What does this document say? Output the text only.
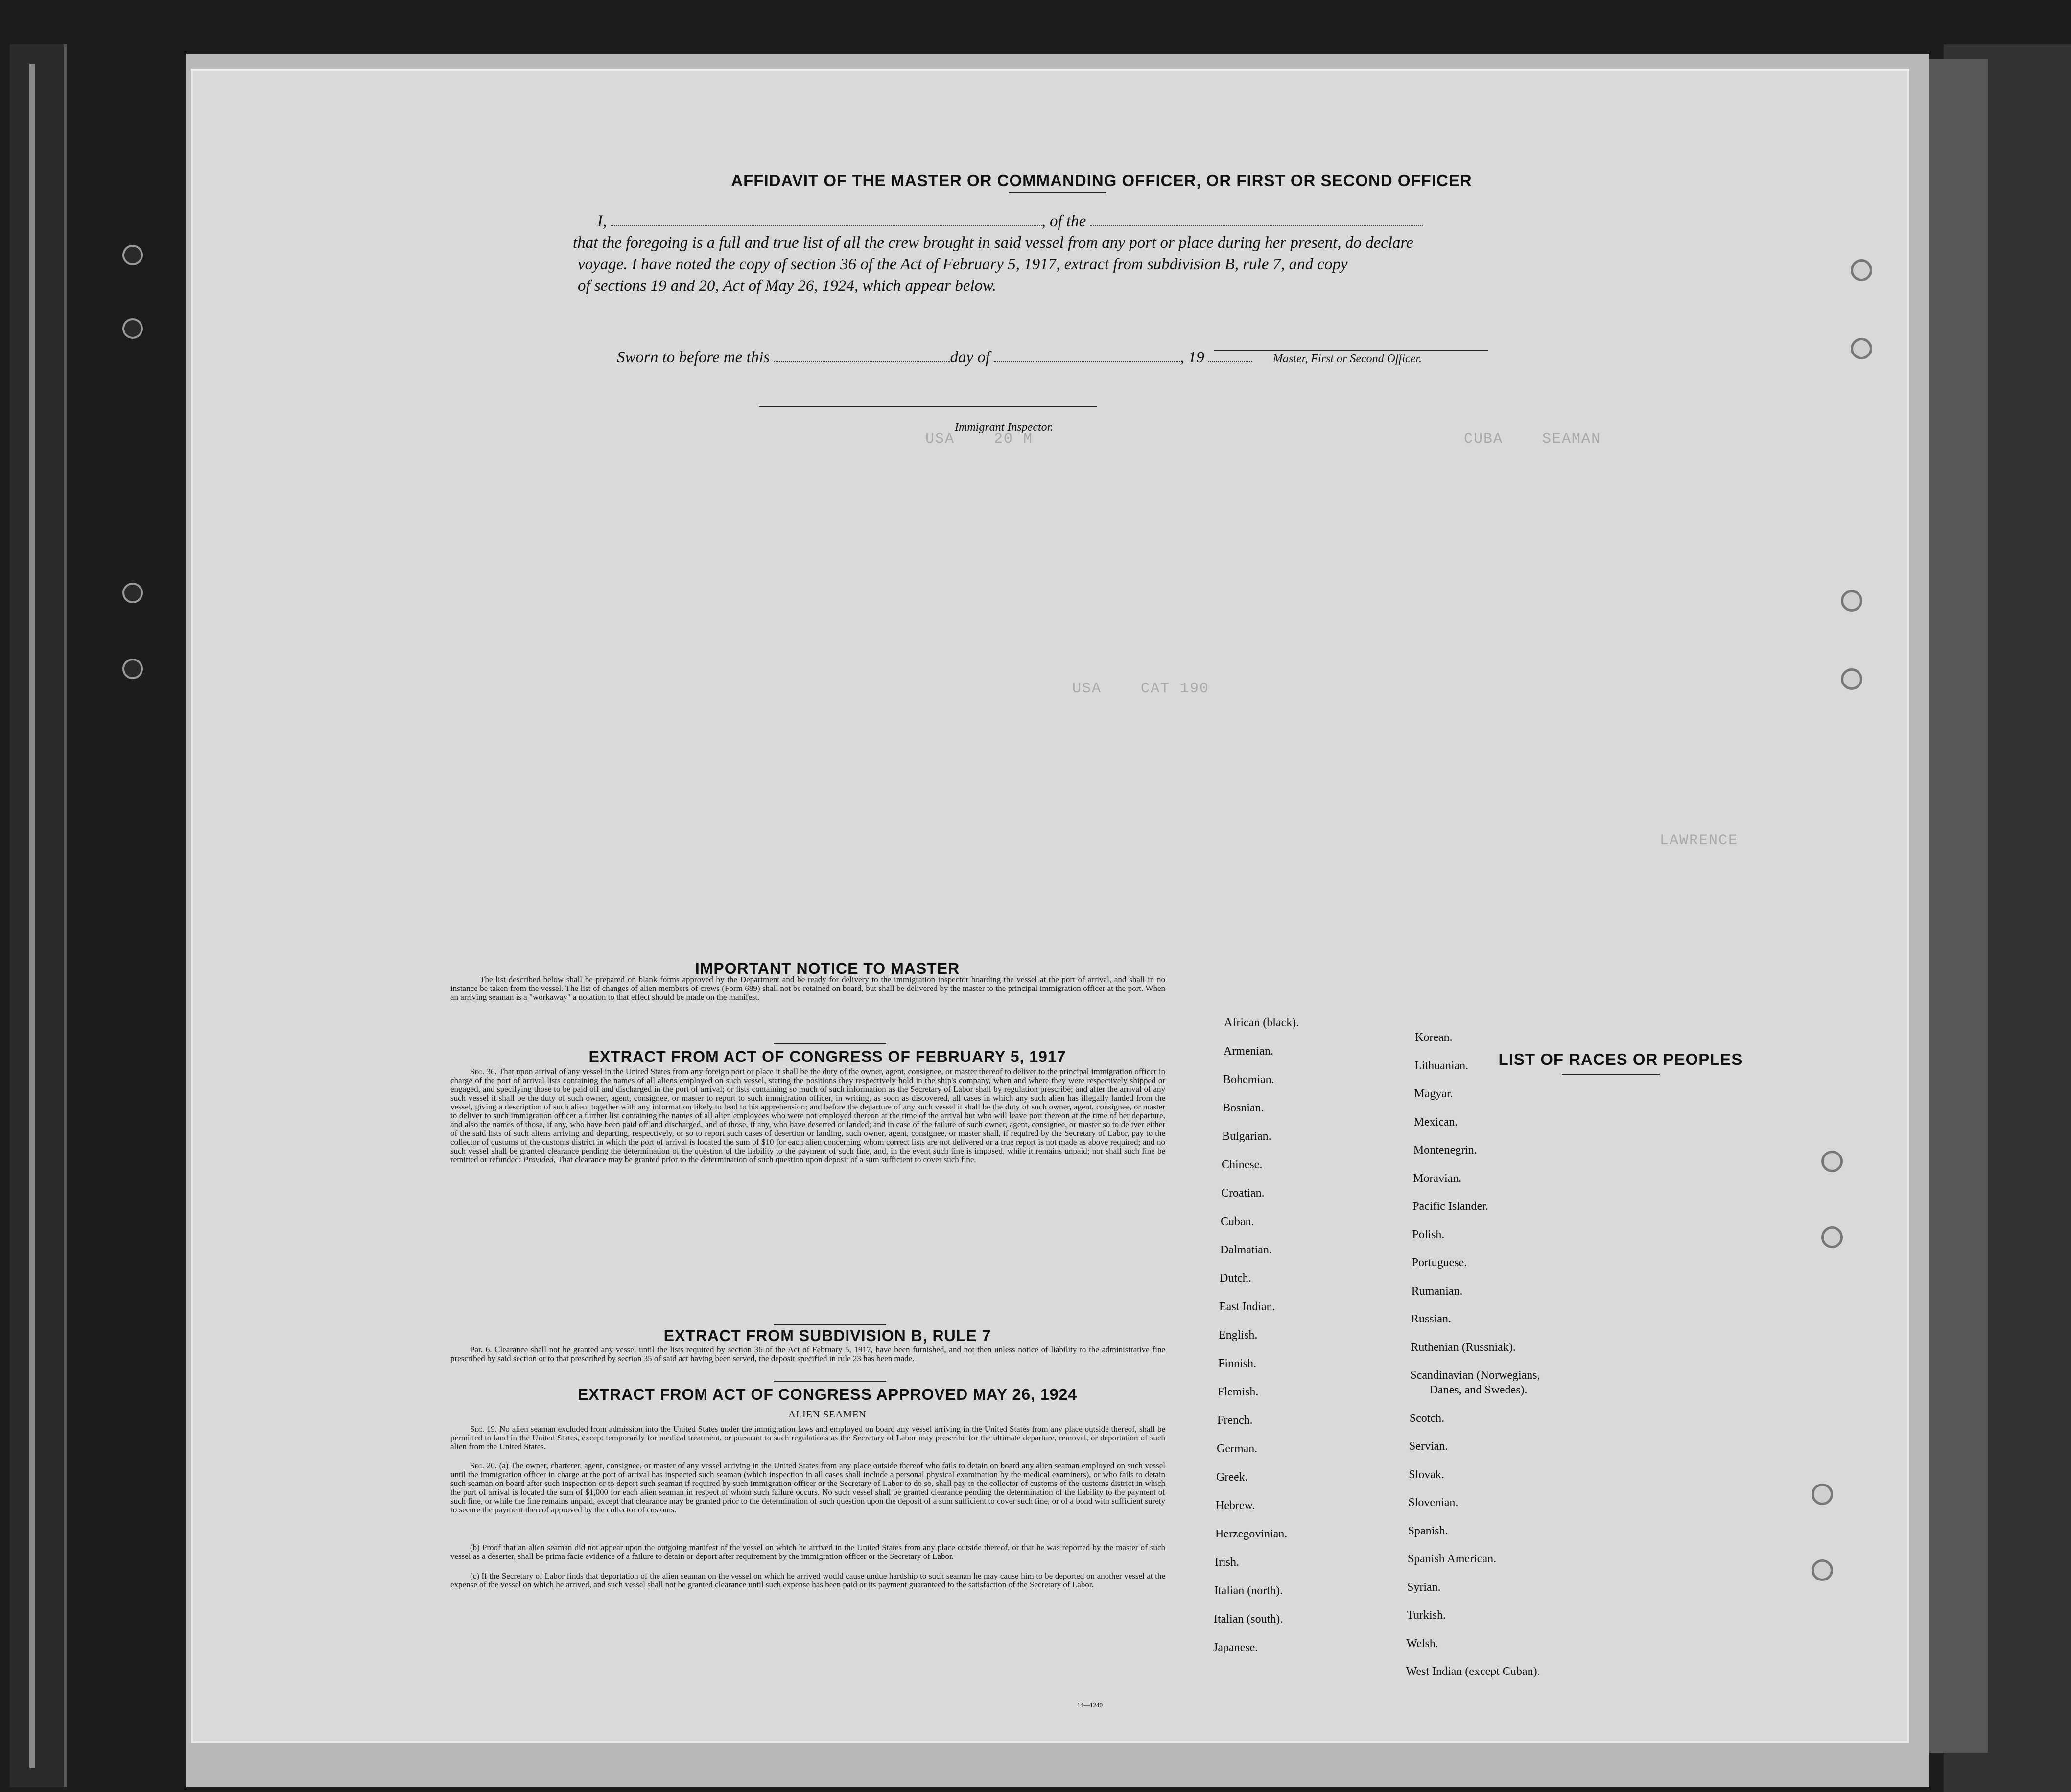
CUBA    SEAMAN
USA    20 M
USA    CAT 190
LAWRENCE
AFFIDAVIT OF THE MASTER OR COMMANDING OFFICER, OR FIRST OR SECOND OFFICER
I,	, of the
that the foregoing is a full and true list of all the crew brought in said vessel from any port or place during her present, do declare
voyage. I have noted the copy of section 36 of the Act of February 5, 1917, extract from subdivision B, rule 7, and copy
of sections 19 and 20, Act of May 26, 1924, which appear below.
Master, First or Second Officer.
Sworn to before me this	day of	, 19
Immigrant Inspector.
IMPORTANT NOTICE TO MASTER
The list described below shall be prepared on blank forms approved by the Department and be ready for delivery to the immigration inspector boarding the vessel at the port of arrival, and shall in no instance be taken from the vessel. The list of changes of alien members of crews (Form 689) shall not be retained on board, but shall be delivered by the master to the principal immigration officer at the port. When an arriving seaman is a "workaway" a notation to that effect should be made on the manifest.
EXTRACT FROM ACT OF CONGRESS OF FEBRUARY 5, 1917
Sec. 36. That upon arrival of any vessel in the United States from any foreign port or place it shall be the duty of the owner, agent, consignee, or master thereof to deliver to the principal immigration officer in charge of the port of arrival lists containing the names of all aliens employed on such vessel, stating the positions they respectively hold in the ship's company, when and where they were respectively shipped or engaged, and specifying those to be paid off and discharged in the port of arrival; or lists containing so much of such information as the Secretary of Labor shall by regulation prescribe; and after the arrival of any such vessel it shall be the duty of such owner, agent, consignee, or master to report to such immigration officer, in writing, as soon as discovered, all cases in which any such alien has illegally landed from the vessel, giving a description of such alien, together with any information likely to lead to his apprehension; and before the departure of any such vessel it shall be the duty of such owner, agent, consignee, or master to deliver to such immigration officer a further list containing the names of all alien employees who were not employed thereon at the time of the arrival but who will leave port thereon at the time of her departure, and also the names of those, if any, who have been paid off and discharged, and of those, if any, who have deserted or landed; and in case of the failure of such owner, agent, consignee, or master so to deliver either of the said lists of such aliens arriving and departing, respectively, or so to report such cases of desertion or landing, such owner, agent, consignee, or master shall, if required by the Secretary of Labor, pay to the collector of customs of the customs district in which the port of arrival is located the sum of $10 for each alien concerning whom correct lists are not delivered or a true report is not made as above required; and no such vessel shall be granted clearance pending the determination of the question of the liability to the payment of such fine, and, in the event such fine is imposed, while it remains unpaid; nor shall such fine be remitted or refunded: Provided, That clearance may be granted prior to the determination of such question upon deposit of a sum sufficient to cover such fine.
EXTRACT FROM SUBDIVISION B, RULE 7
Par. 6. Clearance shall not be granted any vessel until the lists required by section 36 of the Act of February 5, 1917, have been furnished, and not then unless notice of liability to the administrative fine prescribed by said section or to that prescribed by section 35 of said act having been served, the deposit specified in rule 23 has been made.
EXTRACT FROM ACT OF CONGRESS APPROVED MAY 26, 1924
ALIEN SEAMEN
Sec. 19. No alien seaman excluded from admission into the United States under the immigration laws and employed on board any vessel arriving in the United States from any place outside thereof, shall be permitted to land in the United States, except temporarily for medical treatment, or pursuant to such regulations as the Secretary of Labor may prescribe for the ultimate departure, removal, or deportation of such alien from the United States.
Sec. 20. (a) The owner, charterer, agent, consignee, or master of any vessel arriving in the United States from any place outside thereof who fails to detain on board any alien seaman employed on such vessel until the immigration officer in charge at the port of arrival has inspected such seaman (which inspection in all cases shall include a personal physical examination by the medical examiners), or who fails to detain such seaman on board after such inspection or to deport such seaman if required by such immigration officer or the Secretary of Labor to do so, shall pay to the collector of customs of the customs district in which the port of arrival is located the sum of $1,000 for each alien seaman in respect of whom such failure occurs. No such vessel shall be granted clearance pending the determination of the liability to the payment of such fine, or while the fine remains unpaid, except that clearance may be granted prior to the determination of such question upon the deposit of a sum sufficient to cover such fine, or of a bond with sufficient surety to secure the payment thereof approved by the collector of customs.
(b) Proof that an alien seaman did not appear upon the outgoing manifest of the vessel on which he arrived in the United States from any place outside thereof, or that he was reported by the master of such vessel as a deserter, shall be prima facie evidence of a failure to detain or deport after requirement by the immigration officer or the Secretary of Labor.
(c) If the Secretary of Labor finds that deportation of the alien seaman on the vessel on which he arrived would cause undue hardship to such seaman he may cause him to be deported on another vessel at the expense of the vessel on which he arrived, and such vessel shall not be granted clearance until such expense has been paid or its payment guaranteed to the satisfaction of the Secretary of Labor.
14—1240
LIST OF RACES OR PEOPLES
African (black).
Armenian.
Bohemian.
Bosnian.
Bulgarian.
Chinese.
Croatian.
Cuban.
Dalmatian.
Dutch.
East Indian.
English.
Finnish.
Flemish.
French.
German.
Greek.
Hebrew.
Herzegovinian.
Irish.
Italian (north).
Italian (south).
Japanese.
Korean.
Lithuanian.
Magyar.
Mexican.
Montenegrin.
Moravian.
Pacific Islander.
Polish.
Portuguese.
Rumanian.
Russian.
Ruthenian (Russniak).
Scandinavian (Norwegians,
Danes, and Swedes).
Scotch.
Servian.
Slovak.
Slovenian.
Spanish.
Spanish American.
Syrian.
Turkish.
Welsh.
West Indian (except Cuban).
